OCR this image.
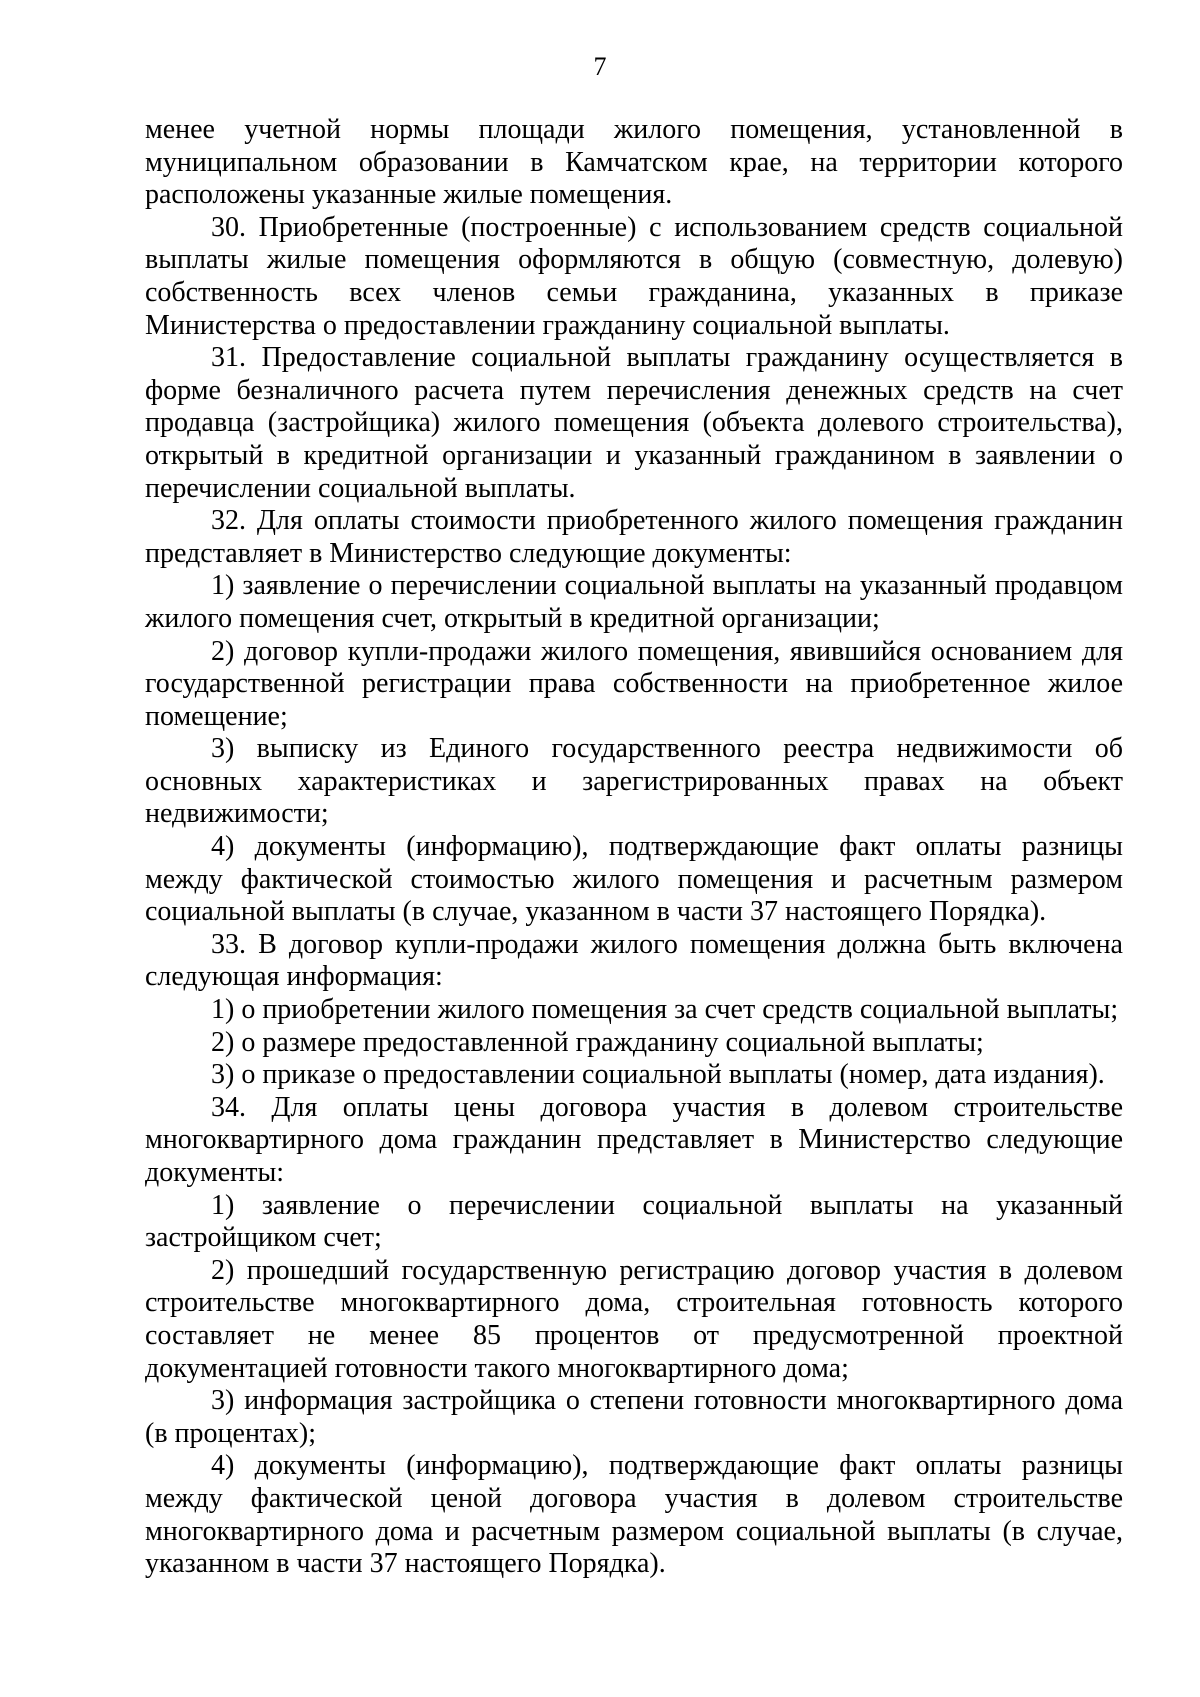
7

менее учетной нормы площади жилого помещения, установленной в муниципальном образовании в Камчатском крае, на территории которого расположены указанные жилые помещения.

30. Приобретенные (построенные) с использованием средств социальной выплаты жилые помещения оформляются в общую (совместную, долевую) собственность всех членов семьи гражданина, указанных в приказе Министерства о предоставлении гражданину социальной выплаты.

31. Предоставление социальной выплаты гражданину осуществляется в форме безналичного расчета путем перечисления денежных средств на счет продавца (застройщика) жилого помещения (объекта долевого строительства), открытый в кредитной организации и указанный гражданином в заявлении о перечислении социальной выплаты.

32. Для оплаты стоимости приобретенного жилого помещения гражданин представляет в Министерство следующие документы:

1) заявление о перечислении социальной выплаты на указанный продавцом жилого помещения счет, открытый в кредитной организации;

2) договор купли-продажи жилого помещения, явившийся основанием для государственной регистрации права собственности на приобретенное жилое помещение;

3) выписку из Единого государственного реестра недвижимости об основных характеристиках и зарегистрированных правах на объект недвижимости;

4) документы (информацию), подтверждающие факт оплаты разницы между фактической стоимостью жилого помещения и расчетным размером социальной выплаты (в случае, указанном в части 37 настоящего Порядка).

33. В договор купли-продажи жилого помещения должна быть включена следующая информация:

1) о приобретении жилого помещения за счет средств социальной выплаты;

2) о размере предоставленной гражданину социальной выплаты;

3) о приказе о предоставлении социальной выплаты (номер, дата издания).

34. Для оплаты цены договора участия в долевом строительстве многоквартирного дома гражданин представляет в Министерство следующие документы:

1) заявление о перечислении социальной выплаты на указанный застройщиком счет;

2) прошедший государственную регистрацию договор участия в долевом строительстве многоквартирного дома, строительная готовность которого составляет не менее 85 процентов от предусмотренной проектной документацией готовности такого многоквартирного дома;

3) информация застройщика о степени готовности многоквартирного дома (в процентах);

4) документы (информацию), подтверждающие факт оплаты разницы между фактической ценой договора участия в долевом строительстве многоквартирного дома и расчетным размером социальной выплаты (в случае, указанном в части 37 настоящего Порядка).
